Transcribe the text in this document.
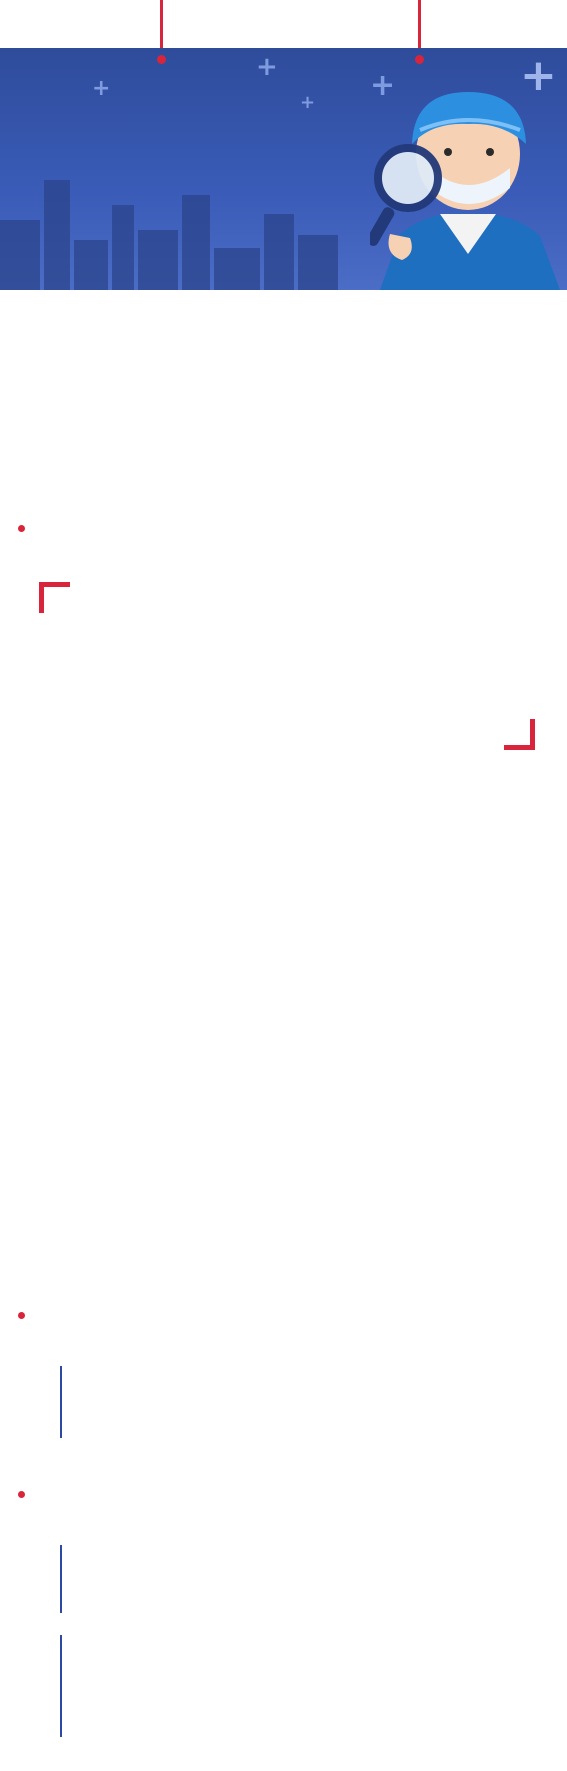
+
+
+ +	+
